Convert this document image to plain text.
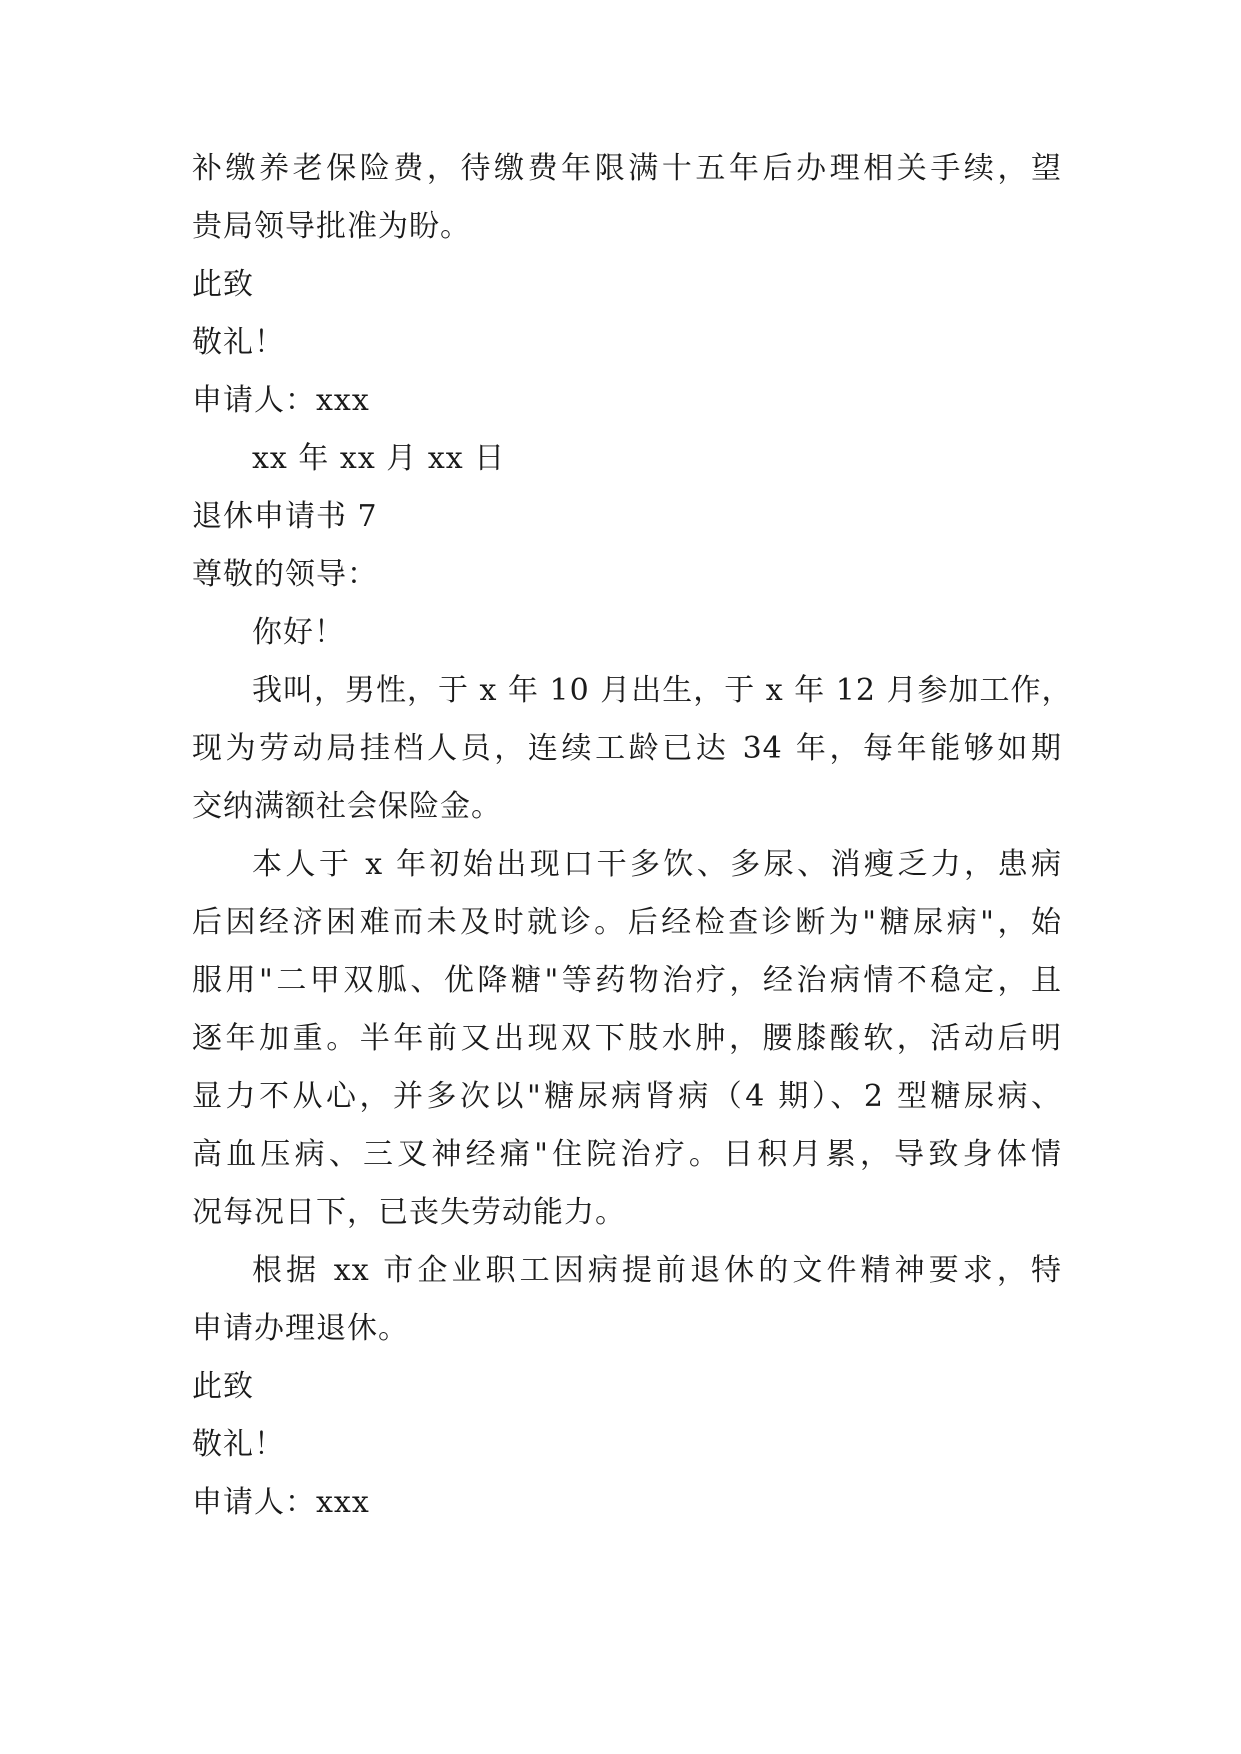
补缴养老保险费，待缴费年限满十五年后办理相关手续，望
贵局领导批准为盼。
此致
敬礼！
申请人：xxx
xx 年 xx 月 xx 日
退休申请书 7
尊敬的领导：
你好！
我叫，男性，于 x 年 10 月出生，于 x 年 12 月参加工作，
现为劳动局挂档人员，连续工龄已达 34 年，每年能够如期
交纳满额社会保险金。
本人于 x 年初始出现口干多饮、多尿、消瘦乏力，患病
后因经济困难而未及时就诊。后经检查诊断为"糖尿病"，始
服用"二甲双胍、优降糖"等药物治疗，经治病情不稳定，且
逐年加重。半年前又出现双下肢水肿，腰膝酸软，活动后明
显力不从心，并多次以"糖尿病肾病（4 期）、2 型糖尿病、
高血压病、三叉神经痛"住院治疗。日积月累，导致身体情
况每况日下，已丧失劳动能力。
根据 xx 市企业职工因病提前退休的文件精神要求，特
申请办理退休。
此致
敬礼！
申请人：xxx
